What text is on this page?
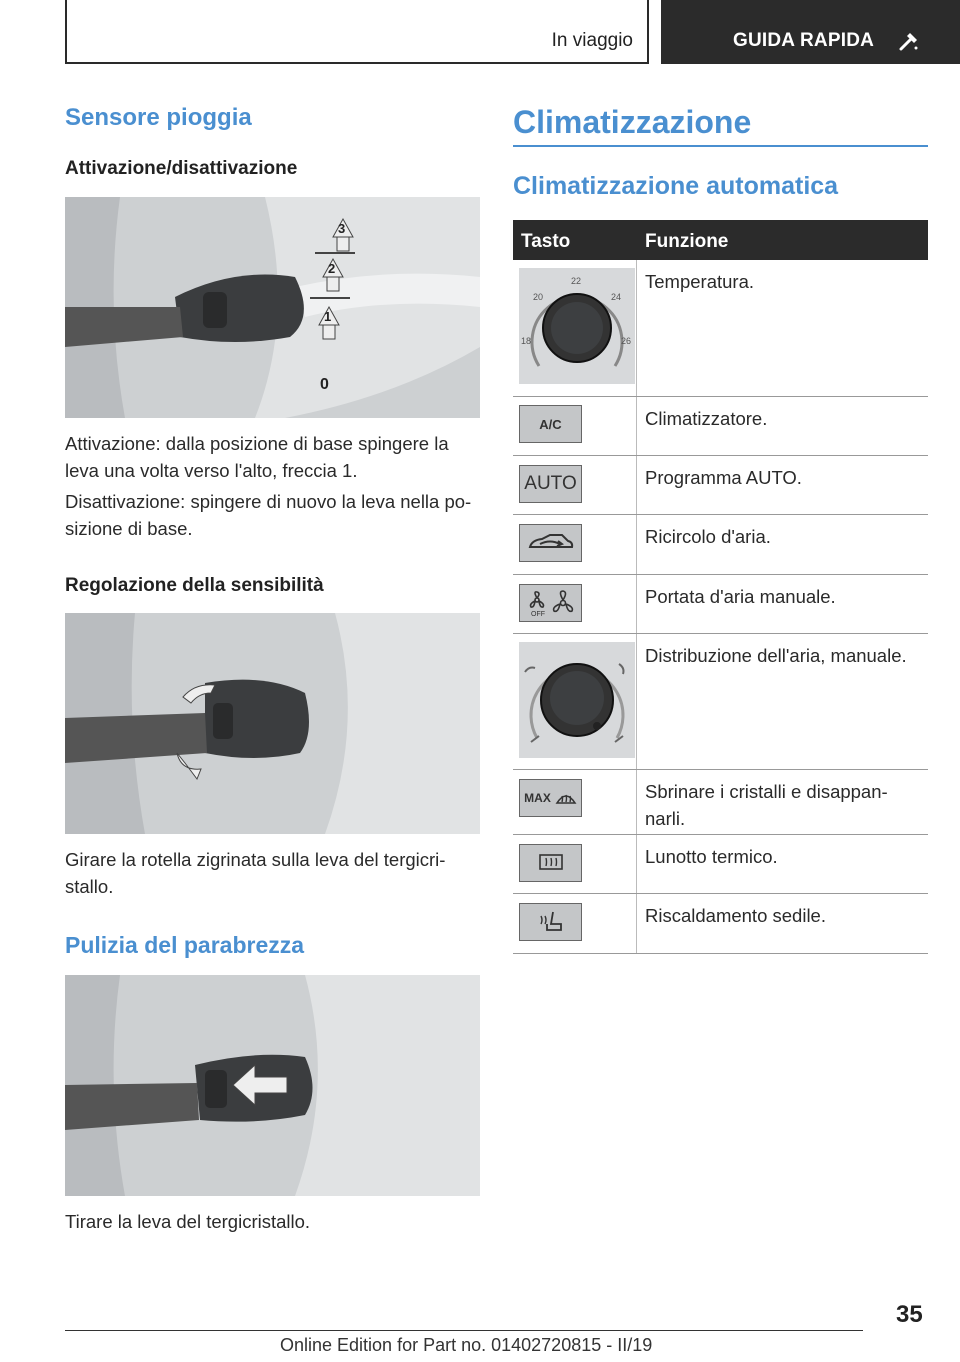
In viaggio	GUIDA RAPIDA
Sensore pioggia
Attivazione/disattivazione
3
2
1
0

Attivazione: dalla posizione di base spingere la leva una volta verso l'alto, freccia 1.

Disattivazione: spingere di nuovo la leva nella po-sizione di base.

Regolazione della sensibilità

Girare la rotella zigrinata sulla leva del tergicri-stallo.

Pulizia del parabrezza

Tirare la leva del tergicristallo.

Climatizzazione
Climatizzazione automatica
Tasto	Funzione
22
20	24
18	26

Temperatura.

A/C	Climatizzatore.

AUTO	Programma AUTO.

Ricircolo d'aria.

OFF

Portata d'aria manuale.

Distribuzione dell'aria, manuale.

MAX	Sbrinare i cristalli e disappan-narli.

Lunotto termico.

Riscaldamento sedile.

35
Online Edition for Part no. 01402720815 - II/19
